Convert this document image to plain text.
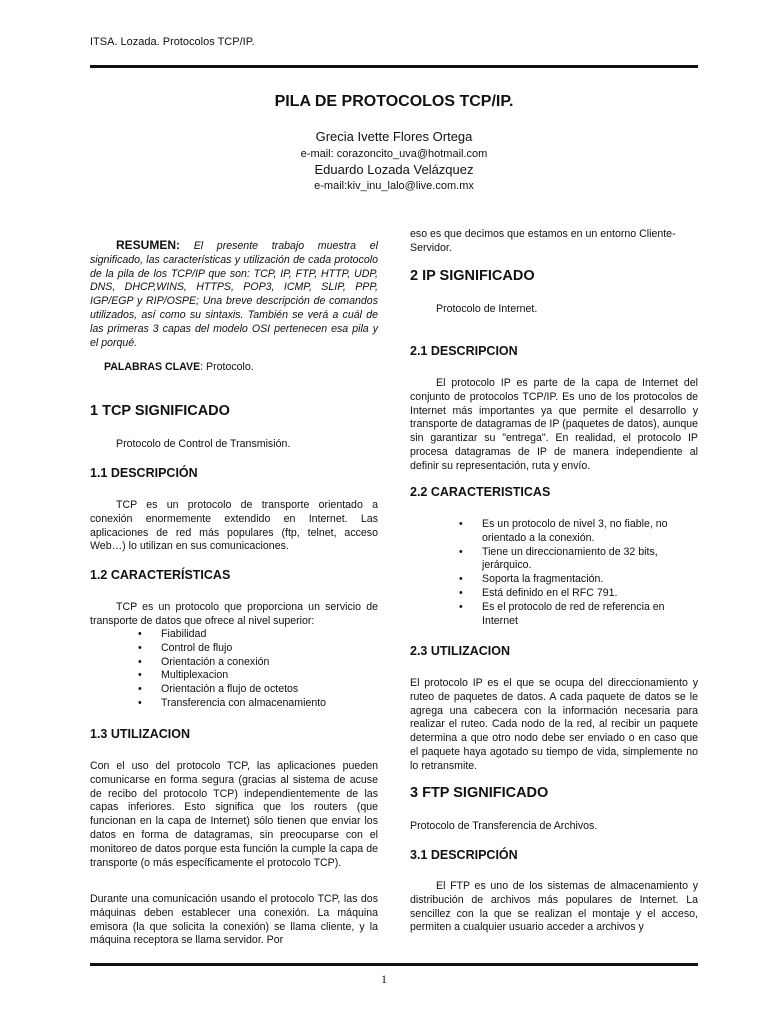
ITSA. Lozada. Protocolos TCP/IP.
PILA DE PROTOCOLOS TCP/IP.
Grecia Ivette Flores Ortega
e-mail: corazoncito_uva@hotmail.com
Eduardo Lozada Velázquez
e-mail:kiv_inu_lalo@live.com.mx

RESUMEN: El presente trabajo muestra el significado, las características y utilización de cada protocolo de la pila de los TCP/IP que son: TCP, IP, FTP, HTTP, UDP, DNS, DHCP,WINS, HTTPS, POP3, ICMP, SLIP, PPP, IGP/EGP y RIP/OSPE; Una breve descripción de comandos utilizados, así como su sintaxis. También se verá a cuál de las primeras 3 capas del modelo OSI pertenecen esa pila y el porqué.

PALABRAS CLAVE: Protocolo.

1 TCP SIGNIFICADO

Protocolo de Control de Transmisión.

1.1 DESCRIPCIÓN

TCP es un protocolo de transporte orientado a conexión enormemente extendido en Internet. Las aplicaciones de red más populares (ftp, telnet, acceso Web…) lo utilizan en sus comunicaciones.

1.2 CARACTERÍSTICAS

TCP es un protocolo que proporciona un servicio de transporte de datos que ofrece al nivel superior:

• Fiabilidad
• Control de flujo
• Orientación a conexión
• Multiplexacion
• Orientación a flujo de octetos
• Transferencia con almacenamiento
1.3 UTILIZACION

Con el uso del protocolo TCP, las aplicaciones pueden comunicarse en forma segura (gracias al sistema de acuse de recibo del protocolo TCP) independientemente de las capas inferiores. Esto significa que los routers (que funcionan en la capa de Internet) sólo tienen que enviar los datos en forma de datagramas, sin preocuparse con el monitoreo de datos porque esta función la cumple la capa de transporte (o más específicamente el protocolo TCP).

Durante una comunicación usando el protocolo TCP, las dos máquinas deben establecer una conexión. La máquina emisora (la que solicita la conexión) se llama cliente, y la máquina receptora se llama servidor. Por

eso es que decimos que estamos en un entorno Cliente-Servidor.

2 IP SIGNIFICADO

Protocolo de Internet.

2.1 DESCRIPCION

El protocolo IP es parte de la capa de Internet del conjunto de protocolos TCP/IP. Es uno de los protocolos de Internet más importantes ya que permite el desarrollo y transporte de datagramas de IP (paquetes de datos), aunque sin garantizar su "entrega". En realidad, el protocolo IP procesa datagramas de IP de manera independiente al definir su representación, ruta y envío.

2.2 CARACTERISTICAS
• Es un protocolo de nivel 3, no fiable, no orientado a la conexión.
• Tiene un direccionamiento de 32 bits, jerárquico.
• Soporta la fragmentación.
• Está definido en el RFC 791.
• Es el protocolo de red de referencia en Internet
2.3 UTILIZACION

El protocolo IP es el que se ocupa del direccionamiento y ruteo de paquetes de datos. A cada paquete de datos se le agrega una cabecera con la información necesaria para realizar el ruteo. Cada nodo de la red, al recibir un paquete determina a que otro nodo debe ser enviado o en caso que el paquete haya agotado su tiempo de vida, simplemente no lo retransmite.

3 FTP SIGNIFICADO

Protocolo de Transferencia de Archivos.

3.1 DESCRIPCIÓN

El FTP es uno de los sistemas de almacenamiento y distribución de archivos más populares de Internet. La sencillez con la que se realizan el montaje y el acceso, permiten a cualquier usuario acceder a archivos y

1
